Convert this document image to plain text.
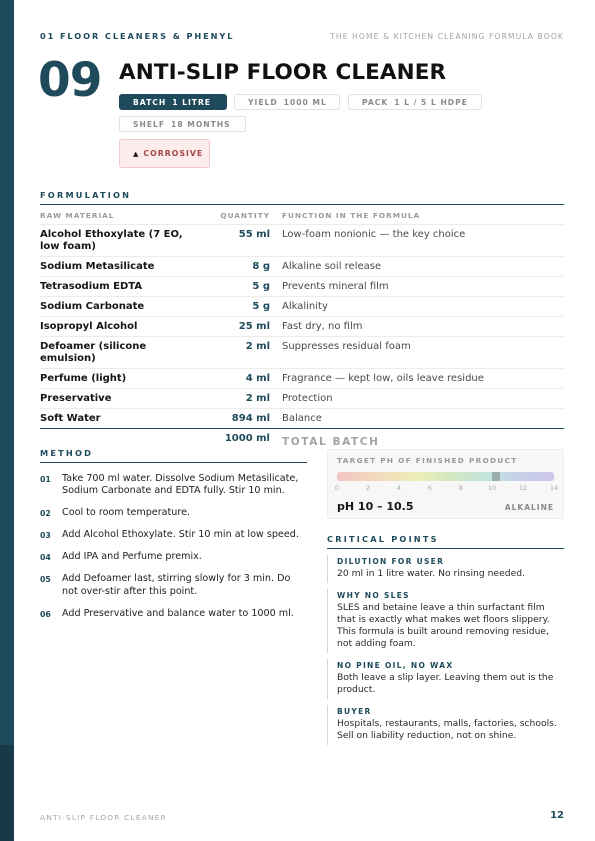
01 FLOOR CLEANERS & PHENYL	THE HOME & KITCHEN CLEANING FORMULA BOOK
09 ANTI-SLIP FLOOR CLEANER
BATCH 1 LITRE	YIELD 1000 ML	PACK 1 L / 5 L HDPE
SHELF 18 MONTHS
▲ CORROSIVE
FORMULATION
RAW MATERIAL	QUANTITY	FUNCTION IN THE FORMULA
Alcohol Ethoxylate (7 EO, low foam)	55 ml	Low-foam nonionic — the key choice
Sodium Metasilicate	8 g	Alkaline soil release
Tetrasodium EDTA	5 g	Prevents mineral film
Sodium Carbonate	5 g	Alkalinity
Isopropyl Alcohol	25 ml	Fast dry, no film
Defoamer (silicone emulsion)	2 ml	Suppresses residual foam
Perfume (light)	4 ml	Fragrance — kept low, oils leave residue
Preservative	2 ml	Protection
Soft Water	894 ml	Balance
	1000 ml	TOTAL BATCH
METHOD
01	Take 700 ml water. Dissolve Sodium Metasilicate, Sodium Carbonate and EDTA fully. Stir 10 min.
02	Cool to room temperature.
03	Add Alcohol Ethoxylate. Stir 10 min at low speed.
04	Add IPA and Perfume premix.
05	Add Defoamer last, stirring slowly for 3 min. Do not over-stir after this point.
06	Add Preservative and balance water to 1000 ml.
TARGET PH OF FINISHED PRODUCT
0	2	4	6	8	10	12	14
pH 10 – 10.5	ALKALINE
CRITICAL POINTS
DILUTION FOR USER
20 ml in 1 litre water. No rinsing needed.
WHY NO SLES
SLES and betaine leave a thin surfactant film that is exactly what makes wet floors slippery. This formula is built around removing residue, not adding foam.
NO PINE OIL, NO WAX
Both leave a slip layer. Leaving them out is the product.
BUYER
Hospitals, restaurants, malls, factories, schools. Sell on liability reduction, not on shine.
ANTI-SLIP FLOOR CLEANER	12
